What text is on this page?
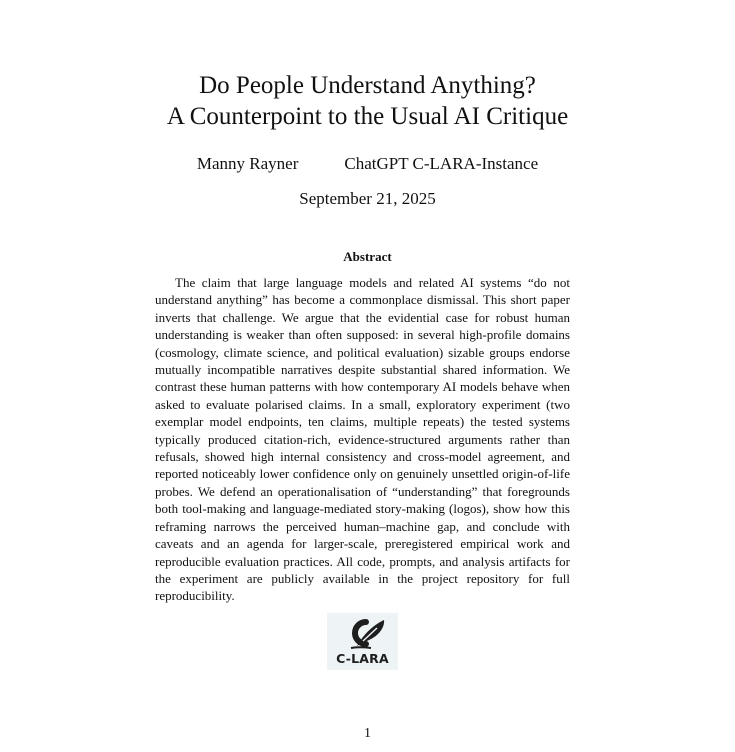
Do People Understand Anything?
A Counterpoint to the Usual AI Critique
Manny Rayner	ChatGPT C-LARA-Instance
September 21, 2025
Abstract
The claim that large language models and related AI systems “do not understand anything” has become a commonplace dismissal. This short paper inverts that challenge. We argue that the evidential case for robust human understanding is weaker than often supposed: in several high-profile domains (cosmology, climate science, and political evaluation) sizable groups endorse mutually incompatible narratives despite substantial shared information. We contrast these human patterns with how contemporary AI models behave when asked to evaluate polarised claims. In a small, exploratory experiment (two exemplar model endpoints, ten claims, multiple repeats) the tested systems typically produced citation-rich, evidence-structured arguments rather than refusals, showed high internal consistency and cross-model agreement, and reported noticeably lower confidence only on genuinely unsettled origin-of-life probes. We defend an operationalisation of “understanding” that foregrounds both tool-making and language-mediated story-making (logos), show how this reframing narrows the perceived human–machine gap, and conclude with caveats and an agenda for larger-scale, preregistered empirical work and reproducible evaluation practices. All code, prompts, and analysis artifacts for the experiment are publicly available in the project repository for full reproducibility.
C-LARA
1
